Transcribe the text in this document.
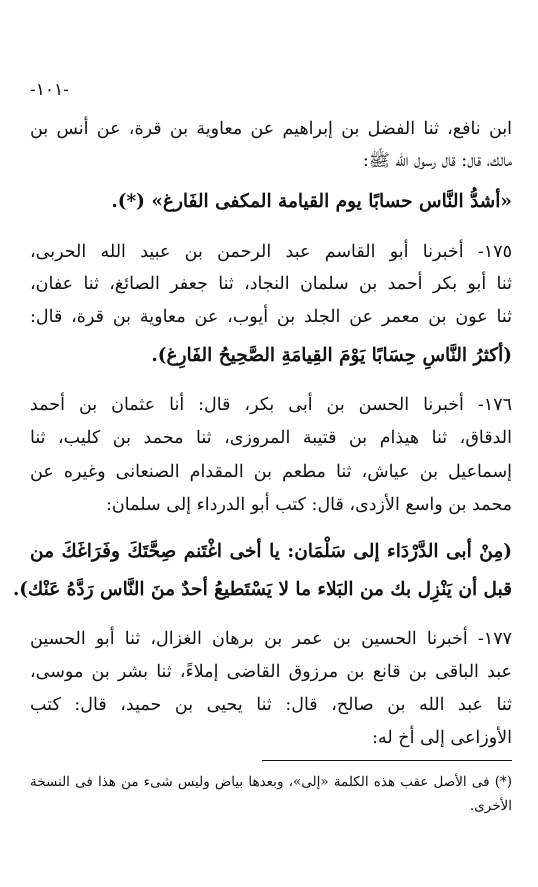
-١٠١-
ابن نافع، ثنا الفضل بن إبراهيم عن معاوية بن قرة، عن أنس بن
مالك، قال: قال رسول الله ﷺ:
«أشدُّ النَّاس حسابًا يوم القيامة المكفى الفَارغ» (*).
١٧٥- أخبرنا أبو القاسم عبد الرحمن بن عبيد الله الحربى،
ثنا أبو بكر أحمد بن سلمان النجاد، ثنا جعفر الصائغ، ثنا عفان،
ثنا عون بن معمر عن الجلد بن أيوب، عن معاوية بن قرة، قال:
(أكثرُ النَّاسِ حِسَابًا يَوْمَ القِيامَةِ الصَّحِيحُ الفَارِغ).
١٧٦- أخبرنا الحسن بن أبى بكر، قال: أنا عثمان بن أحمد
الدقاق، ثنا هيذام بن قتيبة المروزى، ثنا محمد بن كليب، ثنا
إسماعيل بن عياش، ثنا مطعم بن المقدام الصنعانى وغيره عن
محمد بن واسع الأزدى، قال: كتب أبو الدرداء إلى سلمان:
(مِنْ أبى الدَّرْدَاء إلى سَلْمَان: يا أخى اغْتَنم صِحَّتَكَ وفَرَاغَكَ من
قبل أن يَنْزِل بك من البَلاء ما لا يَسْتَطيعُ أحدٌ منَ النَّاس رَدَّهُ عَنْك).
١٧٧- أخبرنا الحسين بن عمر بن برهان الغزال، ثنا أبو الحسين
عبد الباقى بن قانع بن مرزوق القاضى إملاءً، ثنا بشر بن موسى،
ثنا عبد الله بن صالح، قال: ثنا يحيى بن حميد، قال: كتب
الأوزاعى إلى أخ له:
(*) فى الأصل عقب هذه الكلمة «إلى»، وبعدها بياض وليس شىء من هذا فى النسخة
الأخرى.
